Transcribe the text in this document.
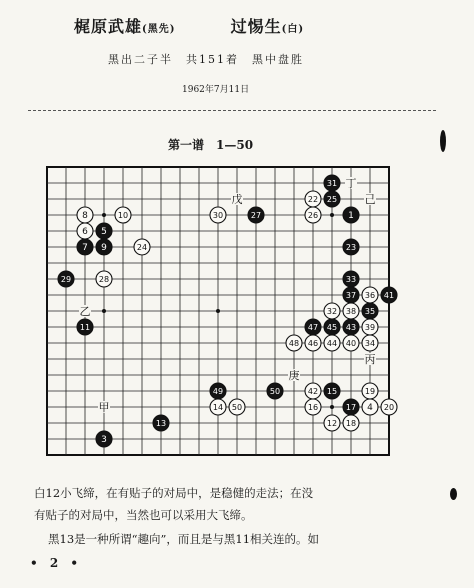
梶原武雄(黑先)	过惕生(白)
黑出二子半　共151着　黑中盘胜
1962年7月11日
第一谱　1—50
丁
戊	己
乙
丙
庚
甲
31
22 25
27
30	26	1
8	10
6 5
7 9	24	23
29	28	33
37 36 41
32 38 35
11	47 45 43 39
48 46 44 40 34
49	50	42 15	19
14 50	16	17 4 20
13	12 18
3
白12小飞缔，在有贴子的对局中，是稳健的走法；在没
有贴子的对局中，当然也可以采用大飞缔。
黑13是一种所谓“趣向”，而且是与黑11相关连的。如
• 2 •
